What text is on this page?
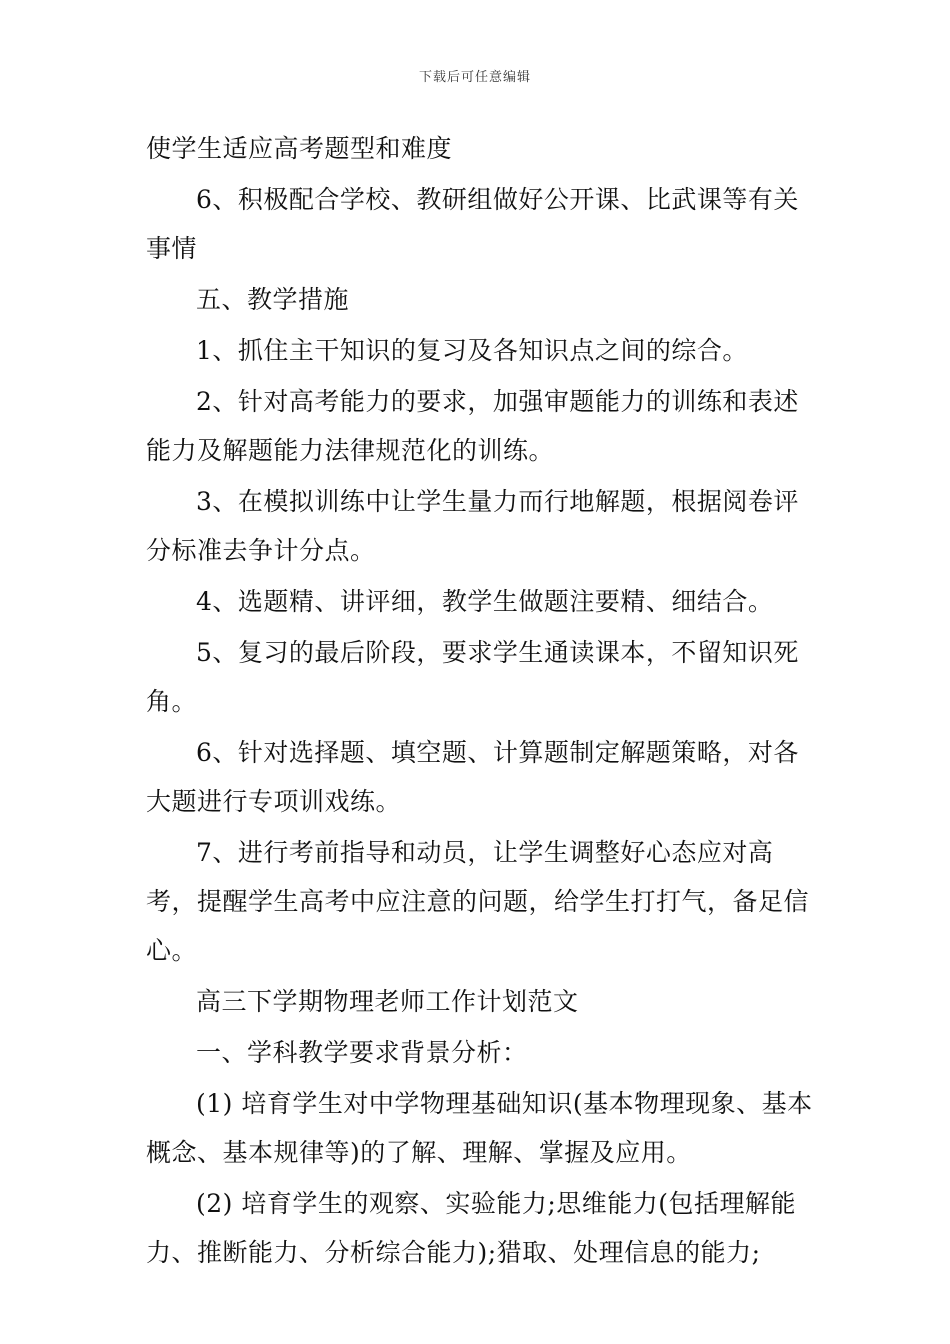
下载后可任意编辑

使学生适应高考题型和难度

6、积极配合学校、教研组做好公开课、比武课等有关事情

五、教学措施

1、抓住主干知识的复习及各知识点之间的综合。

2、针对高考能力的要求，加强审题能力的训练和表述能力及解题能力法律规范化的训练。

3、在模拟训练中让学生量力而行地解题，根据阅卷评分标准去争计分点。

4、选题精、讲评细，教学生做题注要精、细结合。

5、复习的最后阶段，要求学生通读课本，不留知识死角。

6、针对选择题、填空题、计算题制定解题策略，对各大题进行专项训戏练。

7、进行考前指导和动员，让学生调整好心态应对高考，提醒学生高考中应注意的问题，给学生打打气，备足信心。

高三下学期物理老师工作计划范文

一、学科教学要求背景分析：

(1) 培育学生对中学物理基础知识(基本物理现象、基本概念、基本规律等)的了解、理解、掌握及应用。

(2) 培育学生的观察、实验能力;思维能力(包括理解能力、推断能力、分析综合能力);猎取、处理信息的能力;
